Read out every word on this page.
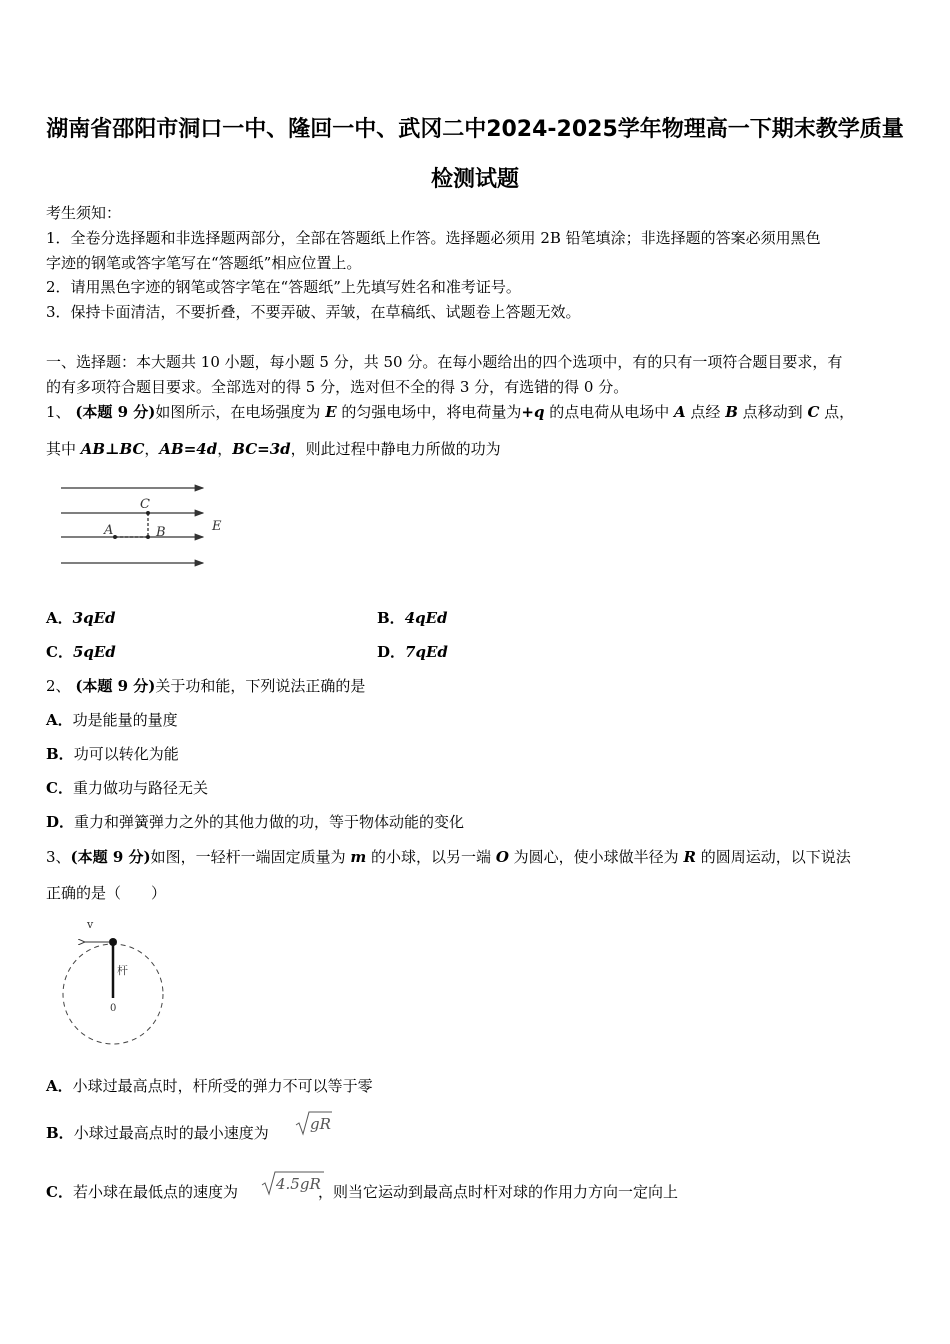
湖南省邵阳市洞口一中、隆回一中、武冈二中2024-2025学年物理高一下期末教学质量
检测试题
考生须知：
1．全卷分选择题和非选择题两部分，全部在答题纸上作答。选择题必须用 2B 铅笔填涂；非选择题的答案必须用黑色
字迹的钢笔或答字笔写在“答题纸”相应位置上。
2．请用黑色字迹的钢笔或答字笔在“答题纸”上先填写姓名和准考证号。
3．保持卡面清洁，不要折叠，不要弄破、弄皱，在草稿纸、试题卷上答题无效。
一、选择题：本大题共 10 小题，每小题 5 分，共 50 分。在每小题给出的四个选项中，有的只有一项符合题目要求，有
的有多项符合题目要求。全部选对的得 5 分，选对但不全的得 3 分，有选错的得 0 分。
1、 (本题 9 分)如图所示，在电场强度为 E 的匀强电场中，将电荷量为+q 的点电荷从电场中 A 点经 B 点移动到 C 点，
其中 AB⊥BC，AB=4d，BC=3d，则此过程中静电力所做的功为
A	B
C
E
A．3qEd	B．4qEd
C．5qEd	D．7qEd
2、 (本题 9 分)关于功和能，下列说法正确的是
A．功是能量的量度
B．功可以转化为能
C．重力做功与路径无关
D．重力和弹簧弹力之外的其他力做的功，等于物体动能的变化
3、(本题 9 分)如图，一轻杆一端固定质量为 m 的小球，以另一端 O 为圆心，使小球做半径为 R 的圆周运动，以下说法
正确的是（　　）
v
杆
0
A．小球过最高点时，杆所受的弹力不可以等于零
B．小球过最高点时的最小速度为	gR
C．若小球在最低点的速度为	，则当它运动到最高点时杆对球的作用力方向一定向上
4.5gR
